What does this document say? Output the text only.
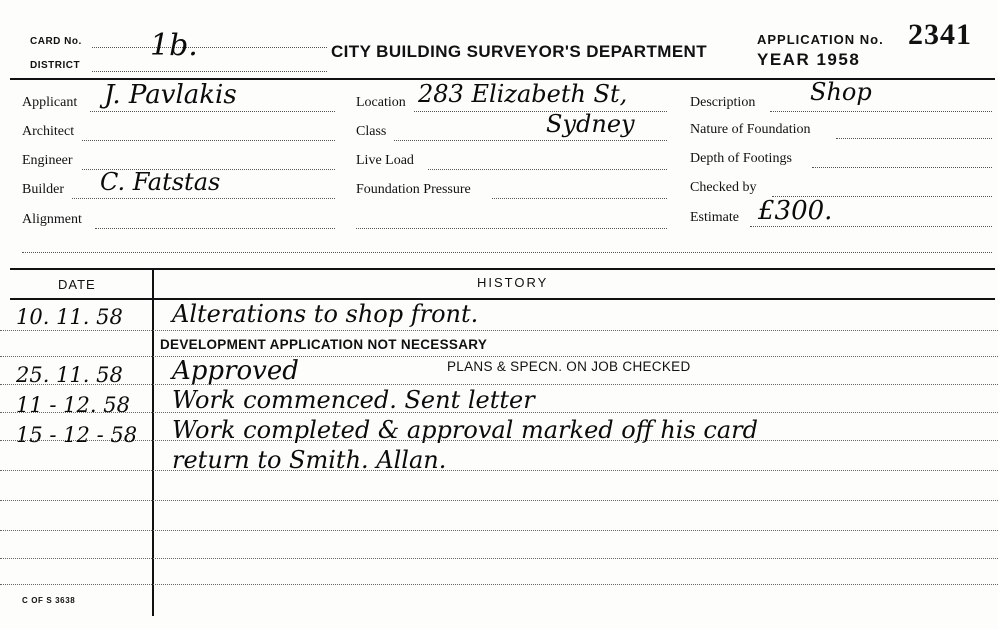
CARD No. 1b.
DISTRICT
CITY BUILDING SURVEYOR'S DEPARTMENT
APPLICATION No. 2341
YEAR 1958
Applicant J. Pavlakis
Architect
Engineer
Builder C. Fatstas
Alignment
Location 283 Elizabeth St,
Class	Sydney
Live Load
Foundation Pressure
Description Shop
Nature of Foundation
Depth of Footings
Checked by
Estimate £300.
DATE	HISTORY
10. 11. 58 Alterations to shop front.
DEVELOPMENT APPLICATION NOT NECESSARY
25. 11. 58 Approved	PLANS & SPECN. ON JOB CHECKED
11 - 12. 58 Work commenced. Sent letter
15 - 12 - 58 Work completed & approval marked off his card
return to Smith. Allan.
C OF S 3638
